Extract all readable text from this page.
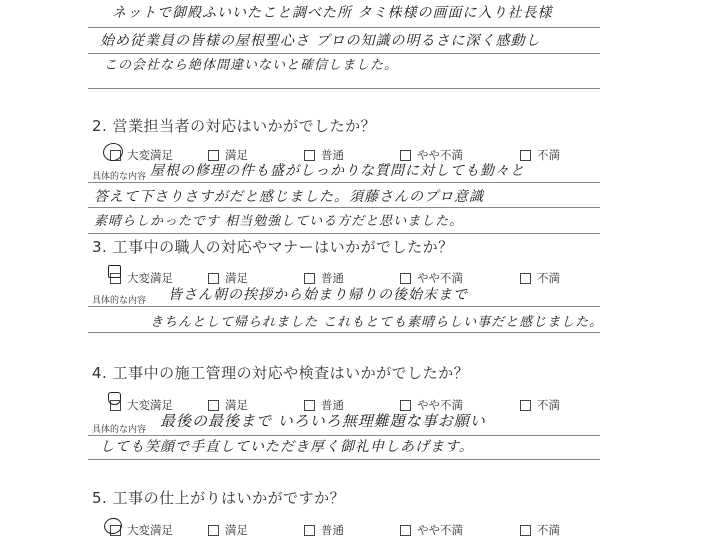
ネットで御殿ふいいたこと調べた所 タミ株様の画面に入り社長様
始め従業員の皆様の屋根聖心さ プロの知識の明るさに深く感動し
この会社なら絶体間違いないと確信しました。
2. 営業担当者の対応はいかがでしたか？
大変満足	満足	普通	やや不満	不満
具体的な内容 屋根の修理の件も盛がしっかりな質問に対しても勤々と
答えて下さりさすがだと感じました。須藤さんのプロ意識
素晴らしかったです 相当勉強している方だと思いました。
3. 工事中の職人の対応やマナーはいかがでしたか？
大変満足	満足	普通	やや不満	不満
具体的な内容 皆さん朝の挨拶から始まり帰りの後始末まで
きちんとして帰られました これもとても素晴らしい事だと感じました。
4. 工事中の施工管理の対応や検査はいかがでしたか？
大変満足	満足	普通	やや不満	不満
具体的な内容 最後の最後まで いろいろ無理難題な事お願い
しても笑顔で手直していただき厚く御礼申しあげます。
5. 工事の仕上がりはいかがですか？
大変満足	満足	普通	やや不満	不満
